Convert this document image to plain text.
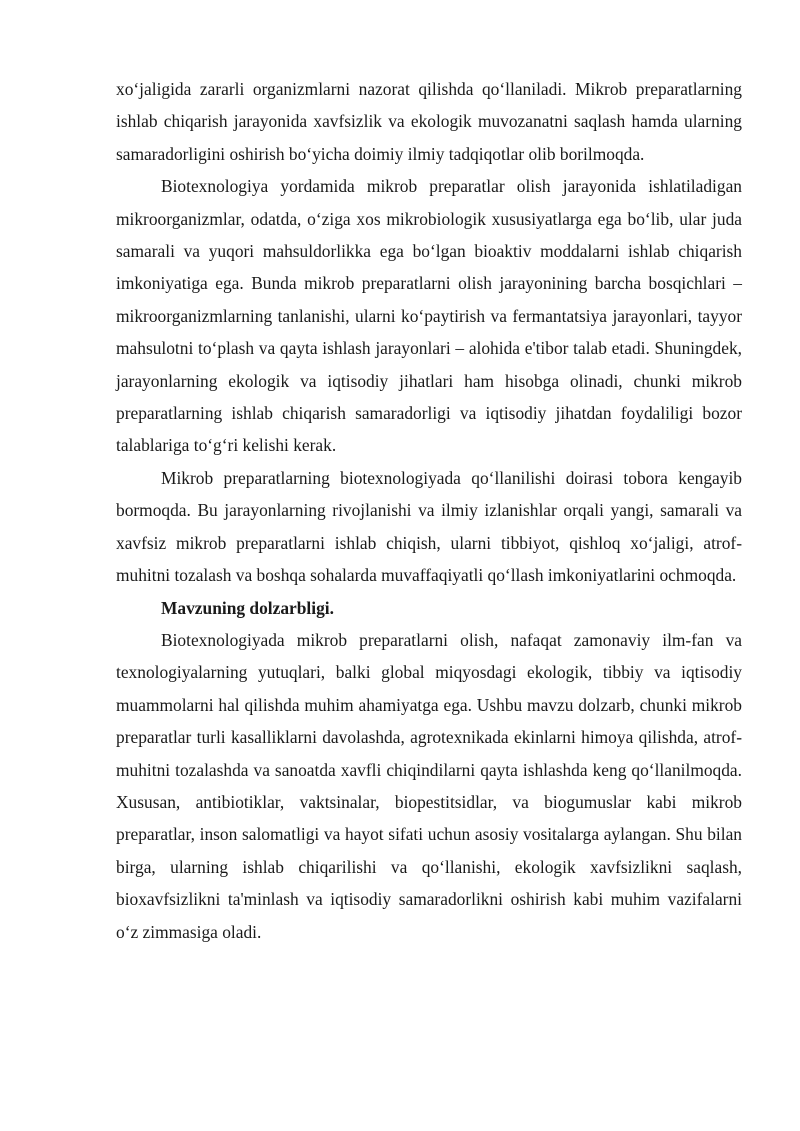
xo‘jaligida zararli organizmlarni nazorat qilishda qo‘llaniladi. Mikrob preparatlarning ishlab chiqarish jarayonida xavfsizlik va ekologik muvozanatni saqlash hamda ularning samaradorligini oshirish bo‘yicha doimiy ilmiy tadqiqotlar olib borilmoqda.

Biotexnologiya yordamida mikrob preparatlar olish jarayonida ishlatiladigan mikroorganizmlar, odatda, o‘ziga xos mikrobiologik xususiyatlarga ega bo‘lib, ular juda samarali va yuqori mahsuldorlikka ega bo‘lgan bioaktiv moddalarni ishlab chiqarish imkoniyatiga ega. Bunda mikrob preparatlarni olish jarayonining barcha bosqichlari – mikroorganizmlarning tanlanishi, ularni ko‘paytirish va fermantatsiya jarayonlari, tayyor mahsulotni to‘plash va qayta ishlash jarayonlari – alohida e'tibor talab etadi. Shuningdek, jarayonlarning ekologik va iqtisodiy jihatlari ham hisobga olinadi, chunki mikrob preparatlarning ishlab chiqarish samaradorligi va iqtisodiy jihatdan foydaliligi bozor talablariga to‘g‘ri kelishi kerak.

Mikrob preparatlarning biotexnologiyada qo‘llanilishi doirasi tobora kengayib bormoqda. Bu jarayonlarning rivojlanishi va ilmiy izlanishlar orqali yangi, samarali va xavfsiz mikrob preparatlarni ishlab chiqish, ularni tibbiyot, qishloq xo‘jaligi, atrof-muhitni tozalash va boshqa sohalarda muvaffaqiyatli qo‘llash imkoniyatlarini ochmoqda.

Mavzuning dolzarbligi.

Biotexnologiyada mikrob preparatlarni olish, nafaqat zamonaviy ilm-fan va texnologiyalarning yutuqlari, balki global miqyosdagi ekologik, tibbiy va iqtisodiy muammolarni hal qilishda muhim ahamiyatga ega. Ushbu mavzu dolzarb, chunki mikrob preparatlar turli kasalliklarni davolashda, agrotexnikada ekinlarni himoya qilishda, atrof-muhitni tozalashda va sanoatda xavfli chiqindilarni qayta ishlashda keng qo‘llanilmoqda. Xususan, antibiotiklar, vaktsinalar, biopestitsidlar, va biogumuslar kabi mikrob preparatlar, inson salomatligi va hayot sifati uchun asosiy vositalarga aylangan. Shu bilan birga, ularning ishlab chiqarilishi va qo‘llanishi, ekologik xavfsizlikni saqlash, bioxavfsizlikni ta'minlash va iqtisodiy samaradorlikni oshirish kabi muhim vazifalarni o‘z zimmasiga oladi.
